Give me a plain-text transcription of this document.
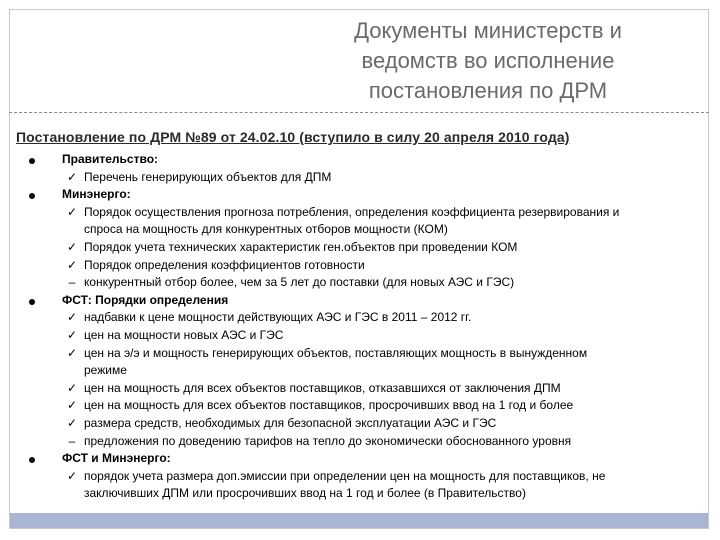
Документы министерств и
ведомств во исполнение
постановления по ДРМ
Постановление по ДРМ №89 от 24.02.10 (вступило в силу 20 апреля 2010 года)
Правительство:
✓ Перечень генерирующих объектов для ДПМ
Минэнерго:
✓ Порядок осуществления прогноза потребления, определения коэффициента резервирования и
спроса на мощность для конкурентных отборов мощности (КОМ)
✓ Порядок учета технических характеристик ген.объектов при проведении КОМ
✓ Порядок определения коэффициентов готовности
– конкурентный отбор более, чем за 5 лет до поставки (для новых АЭС и ГЭС)
ФСТ: Порядки определения
✓ надбавки к цене мощности действующих АЭС и ГЭС в 2011 – 2012 гг.
✓ цен на мощности новых АЭС и ГЭС
✓ цен на э/э и мощность генерирующих объектов, поставляющих мощность в вынужденном
режиме
✓ цен на мощность для всех объектов поставщиков, отказавшихся от заключения ДПМ
✓ цен на мощность для всех объектов поставщиков, просрочивших ввод на 1 год и более
✓ размера средств, необходимых для безопасной эксплуатации АЭС и ГЭС
– предложения по доведению тарифов на тепло до экономически обоснованного уровня
ФСТ и Минэнерго:
✓ порядок учета размера доп.эмиссии при определении цен на мощность для поставщиков, не
заключивших ДПМ или просрочивших ввод на 1 год и более (в Правительство)
